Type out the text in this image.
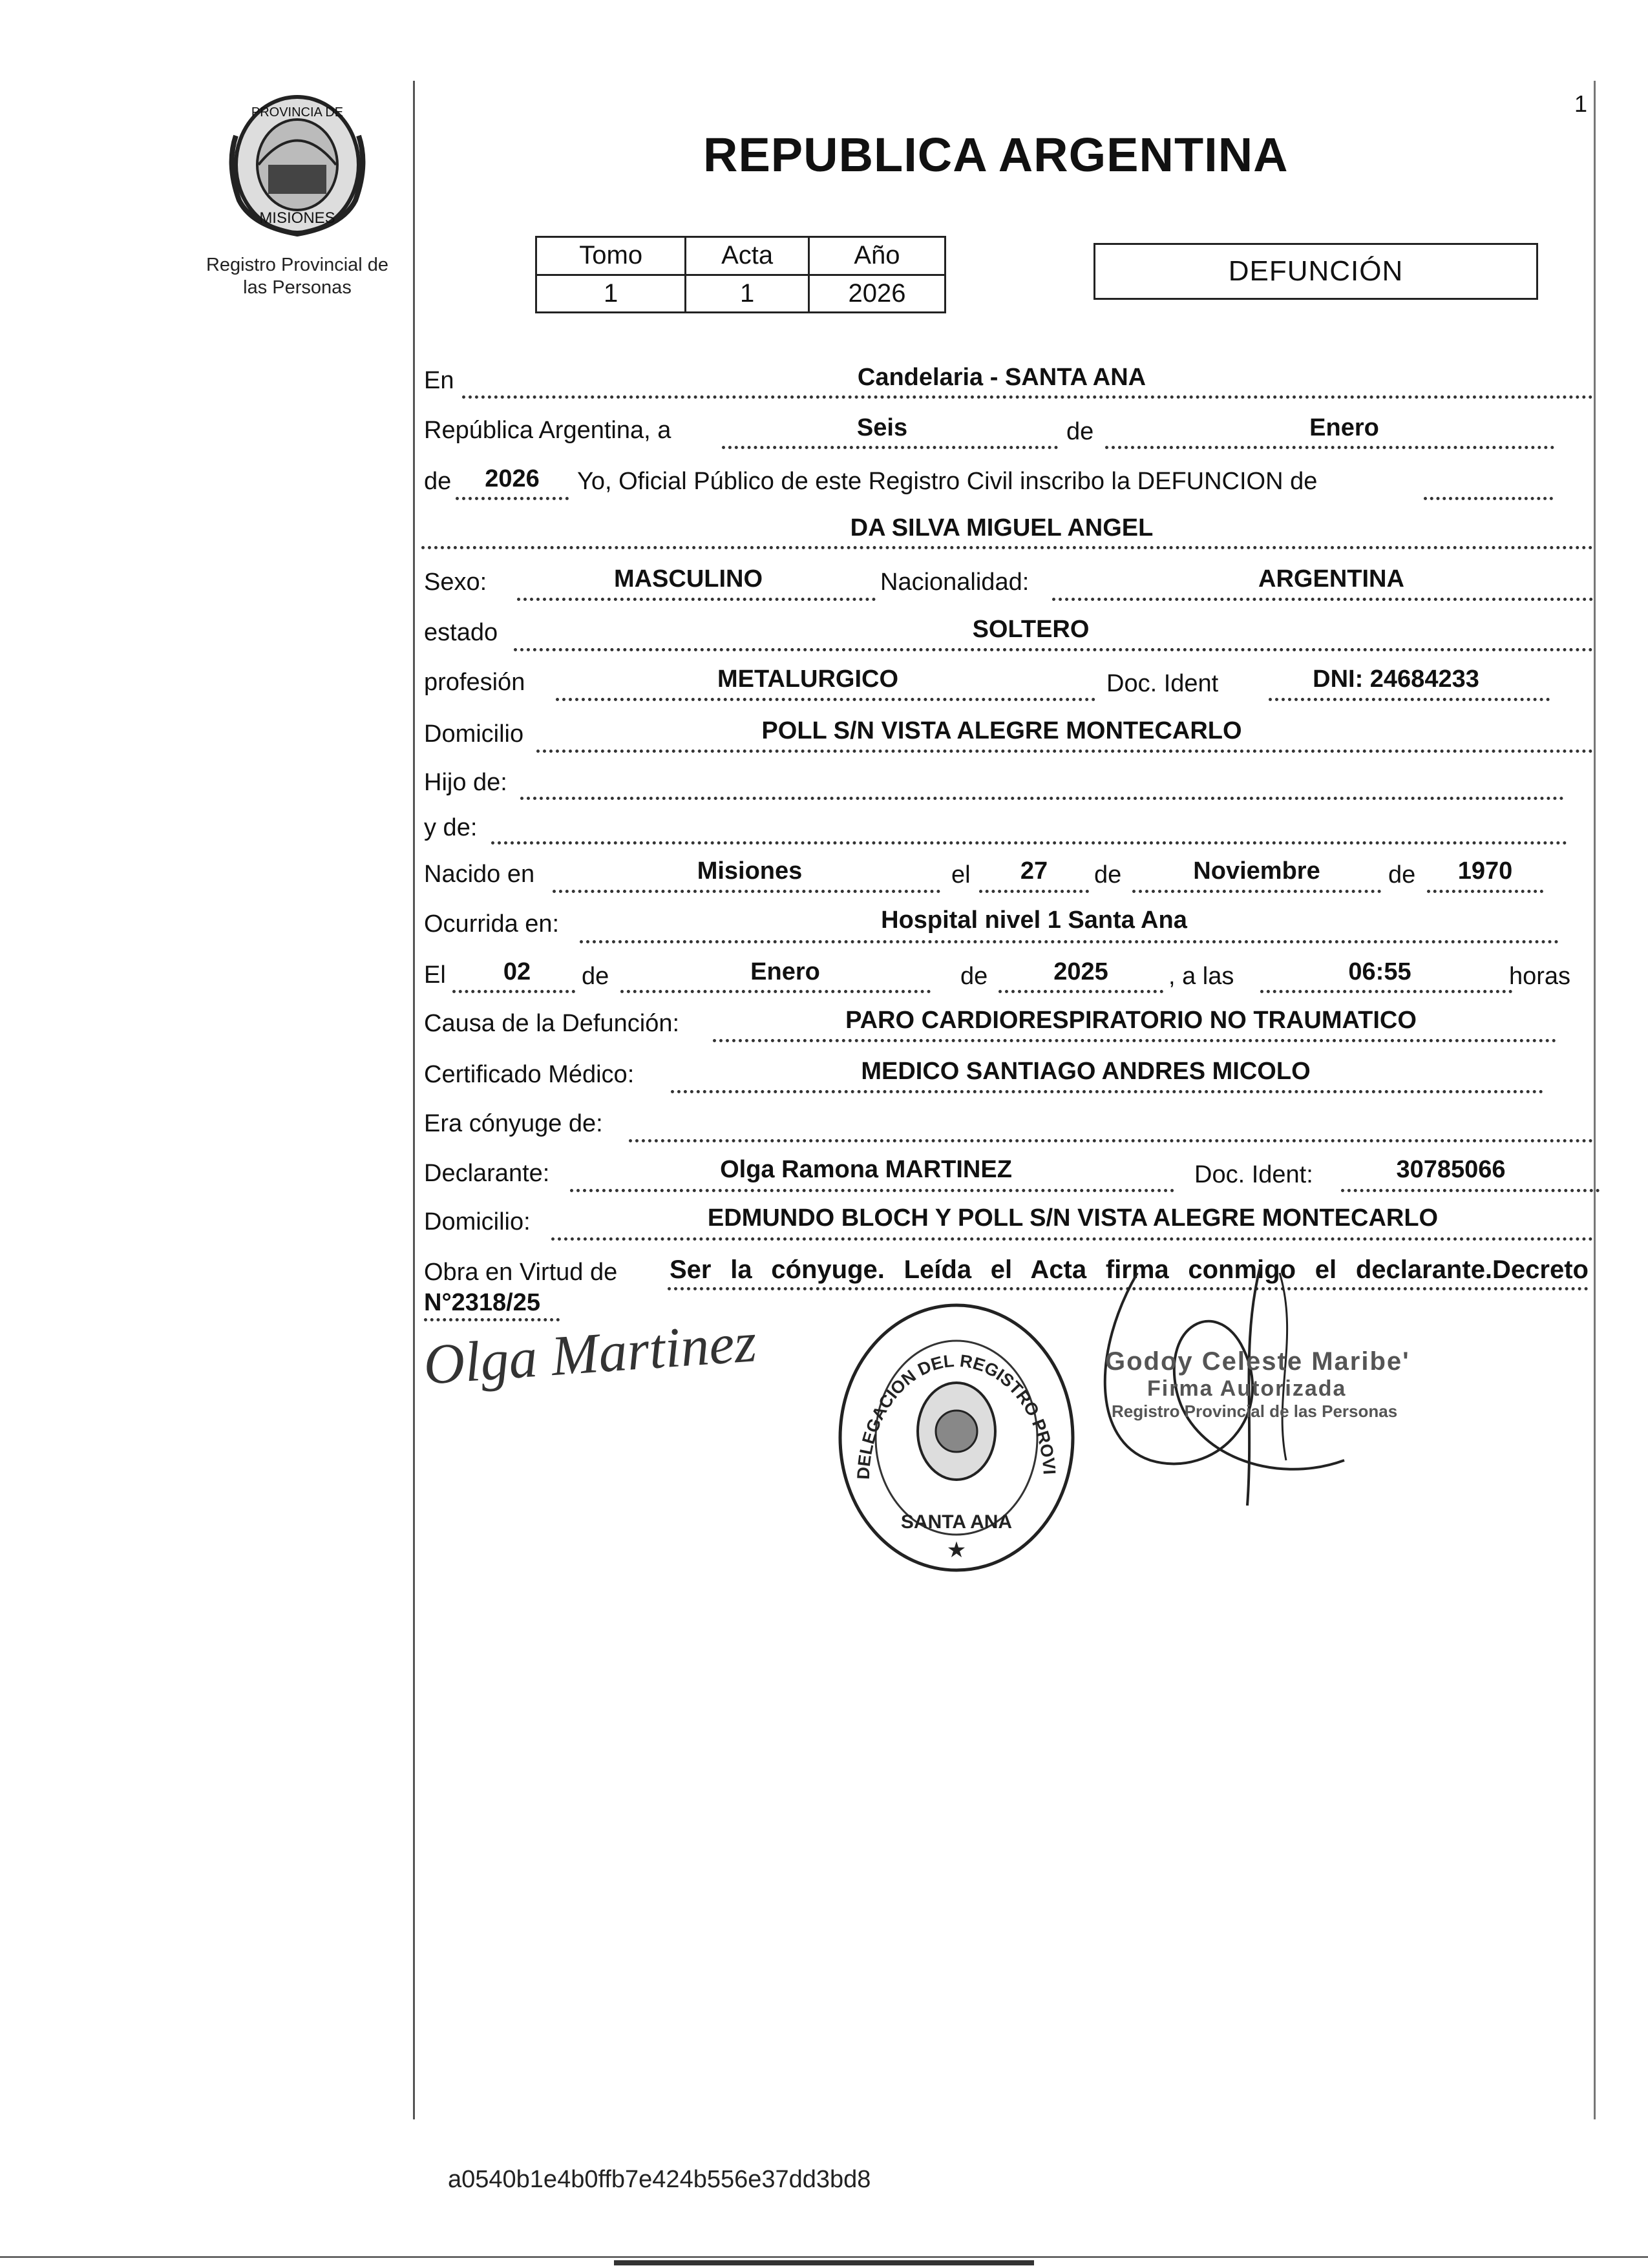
1
PROVINCIA DE
MISIONES
Registro Provincial de
las Personas
REPUBLICA ARGENTINA
Tomo	Acta	Año
1	1	2026
DEFUNCIÓN
En	Candelaria - SANTA ANA
República Argentina, a	Seis	de	Enero
de	2026	Yo, Oficial Público de este Registro Civil inscribo la DEFUNCION de
DA SILVA MIGUEL ANGEL
Sexo:	MASCULINO	Nacionalidad:	ARGENTINA
estado	SOLTERO
profesión	METALURGICO	Doc. Ident	DNI: 24684233
Domicilio	POLL S/N VISTA ALEGRE MONTECARLO
Hijo de:
y de:
Nacido en	Misiones	el	27	de	Noviembre	de	1970
Ocurrida en:	Hospital nivel 1 Santa Ana
El	02	de	Enero	de	2025	, a las	06:55	horas
Causa de la Defunción:	PARO CARDIORESPIRATORIO NO TRAUMATICO
Certificado Médico:	MEDICO SANTIAGO ANDRES MICOLO
Era cónyuge de:
Declarante:	Olga Ramona MARTINEZ	Doc. Ident:	30785066
Domicilio:	EDMUNDO BLOCH Y POLL S/N VISTA ALEGRE MONTECARLO
Obra en Virtud de Ser la cónyuge. Leída el Acta firma conmigo el declarante.Decreto
N°2318/25
Olga Martinez
DELEGACION DEL REGISTRO PROVI
SANTA ANA
★
Godoy Celeste Maribe'
Firma Autorizada
Registro Provincial de las Personas
a0540b1e4b0ffb7e424b556e37dd3bd8
